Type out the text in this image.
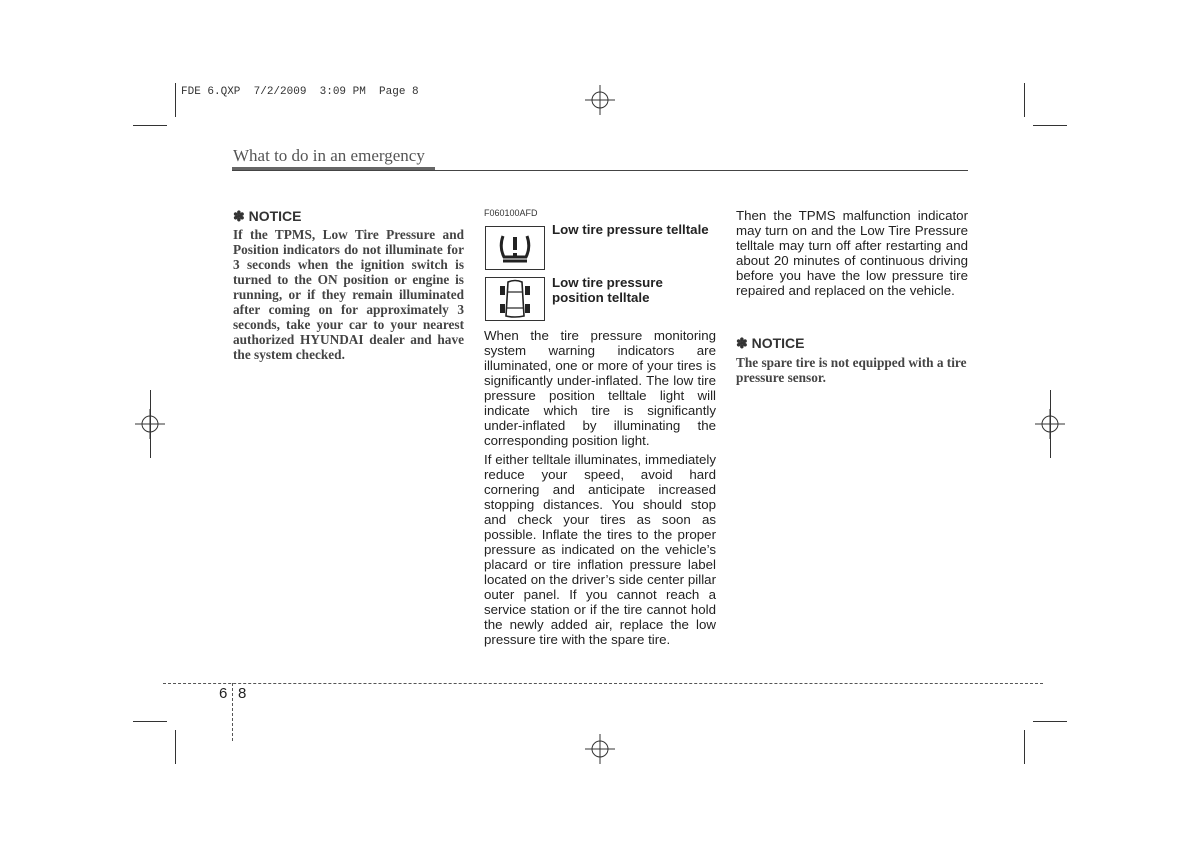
FDE 6.QXP  7/2/2009  3:09 PM  Page 8
What to do in an emergency
✽ NOTICE
If the TPMS, Low Tire Pressure and Position indicators do not illuminate for 3 seconds when the ignition switch is turned to the ON position or engine is running, or if they remain illuminated after coming on for approximately 3 seconds, take your car to your nearest authorized HYUNDAI dealer and have the system checked.
F060100AFD
Low tire pressure telltale
Low tire pressure position telltale
When the tire pressure monitoring system warning indicators are illuminated, one or more of your tires is significantly under-inflated. The low tire pressure position telltale light will indicate which tire is significantly under-inflated by illuminating the corresponding position light.
If either telltale illuminates, immediately reduce your speed, avoid hard cornering and anticipate increased stopping distances. You should stop and check your tires as soon as possible. Inflate the tires to the proper pressure as indicated on the vehicle’s placard or tire inflation pressure label located on the driver’s side center pillar outer panel. If you cannot reach a service station or if the tire cannot hold the newly added air, replace the low pressure tire with the spare tire.
Then the TPMS malfunction indicator may turn on and the Low Tire Pressure telltale may turn off after restarting and about 20 minutes of continuous driving before you have the low pressure tire repaired and replaced on the vehicle.
✽ NOTICE
The spare tire is not equipped with a tire pressure sensor.
6 8
